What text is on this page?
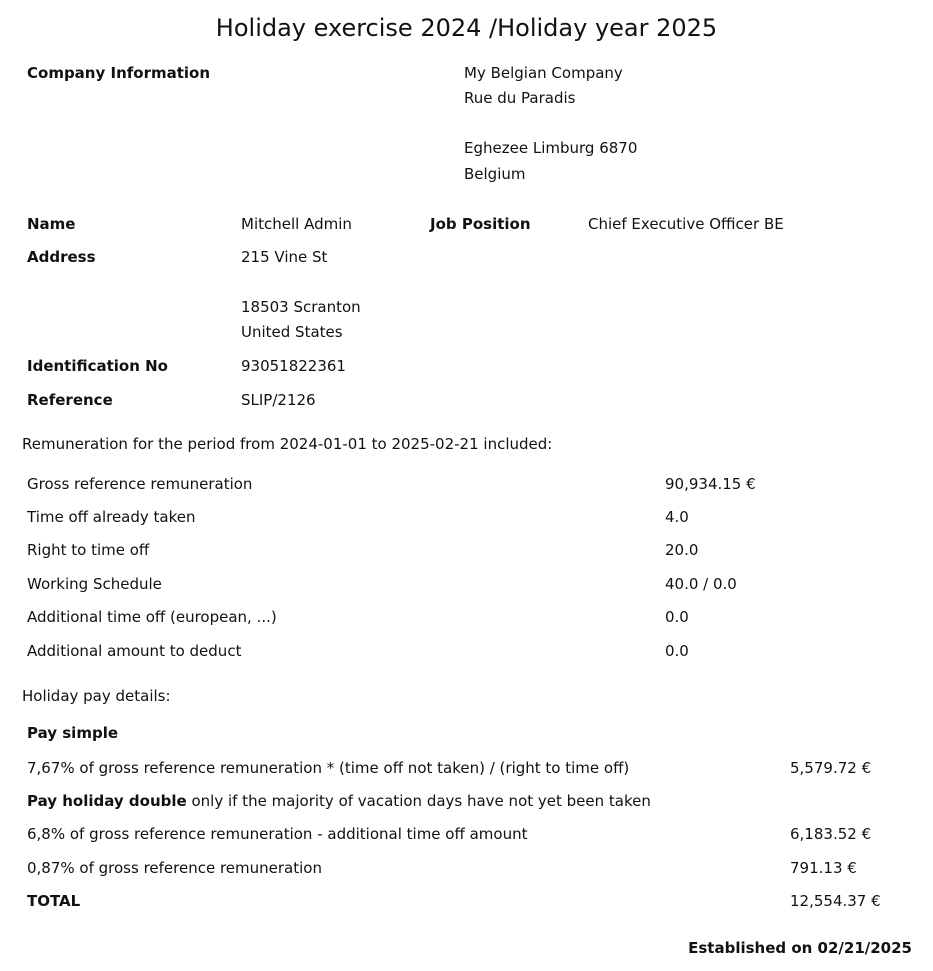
Holiday exercise 2024 /Holiday year 2025
Company Information	My Belgian Company
Rue du Paradis
Eghezee Limburg 6870
Belgium
Name	Mitchell Admin	Job Position	Chief Executive Officer BE
Address	215 Vine St
18503 Scranton
United States
Identification No	93051822361
Reference	SLIP/2126
Remuneration for the period from 2024-01-01 to 2025-02-21 included:
Gross reference remuneration	90,934.15 €
Time off already taken	4.0
Right to time off	20.0
Working Schedule	40.0 / 0.0
Additional time off (european, ...)	0.0
Additional amount to deduct	0.0
Holiday pay details:
Pay simple
7,67% of gross reference remuneration * (time off not taken) / (right to time off)	5,579.72 €
Pay holiday double only if the majority of vacation days have not yet been taken
6,8% of gross reference remuneration - additional time off amount	6,183.52 €
0,87% of gross reference remuneration	791.13 €
TOTAL	12,554.37 €
Established on 02/21/2025
